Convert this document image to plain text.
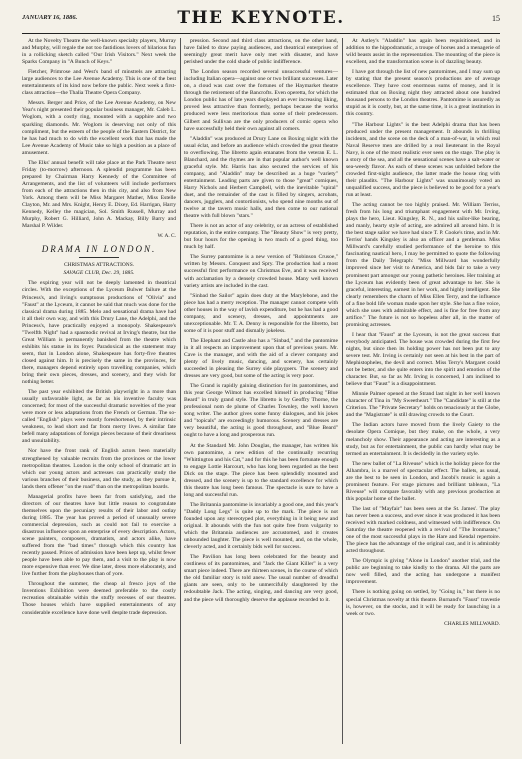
JANUARY 16, 1886.	THE KEYNOTE.	15

At the Novelty Theatre the well-known specialty players, Murray and Murphy, will regale the not too fastidious lovers of hilarious fun in a rollicking sketch called "Our Irish Visitors." Next week the Sparks Company in "A Bunch of Keys."

Fletcher, Primrose and West's band of minstrels are attracting large audiences to the Lee Avenue Academy. This is one of the best entertainments of its kind now before the public. Next week a first-class attraction—the Thalia Theatre Opera Company.

Messrs. Berger and Price, of the Lee Avenue Academy, on New Year's night presented their popular business manager, Mr. Caleb L. Woglom, with a costly ring, mounted with a sapphire and two sparkling diamonds. Mr. Woglom is deserving not only of this compliment, but the esteem of the people of the Eastern District, for he has had much to do with the excellent work that has made the Lee Avenue Academy of Music take so high a position as a place of amusement.

The Elks' annual benefit will take place at the Park Theatre next Friday (to-morrow) afternoon. A splendid programme has been prepared by Chairman Harry Kennedy of the Committee of Arrangements, and the list of volunteers will include performers from each of the attractions then in this city, and also from New York. Among them will be Miss Margaret Mather, Miss Estelle Clayton, Mr. and Mrs. Knight, Henry E. Dixey, Ed. Harrigan, Harry Kennedy, Kelley the magician, Sol. Smith Russell, Murray and Murphy, Robert G. Hilliard, John A. Mackay, Billy Barry and Marshal P. Wilder.

W. A. C.
DRAMA IN LONDON.
CHRISTMAS ATTRACTIONS.
SAVAGE CLUB, Dec. 29, 1885.

The expiring year will not be deeply lamented in theatrical circles. With the exceptions of the Lyceum Bulwer failure at the Princess's, and living's sumptuous productions of "Olivia" and "Faust" at the Lyceum, it cannot be said that much was done for the classical drama during 1885. Melo and sensational drama have had it all their own way, and with this Drury Lane, the Adelphi, and the Princess's, have practically enjoyed a monopoly. Shakespeare's "Twelfth Night" had a spasmodic revival at Irving's theatre, but the Great William is permanently banished from the theatre which exhibits his statue in its foyer. Paradoxical as the statement may seem, that in London alone, Shakespeare has forty-five theatres closed against him. It is precisely the same in the provinces, for there, managers depend entirely upon travelling companies, which bring their own pieces, dresses, and scenery, and they wish for nothing better.

The past year exhibited the British playwright in a more than usually unfavorable light, as far as his inventive faculty was concerned; for most of the successful dramatic novelties of the year were more or less adaptations from the French or German. The so-called "English" plays were mostly foreshortened, by their intrinsic weakness, to lead short and far from merry lives. A similar fate befell many adaptations of foreign pieces because of their dreariness and unsuitability.

Nor have the front rank of English actors been materially strengthened by valuable recruits from the provinces or the lower metropolitan theatres. London is the only school of dramatic art in which our young actors and actresses can practically study the various branches of their business, and the study, as they pursue it, lands them offener "on the road" than on the metropolitan boards.

Managerial profits have been far from satisfying, and the directors of our theatres have but little reason to congratulate themselves upon the pecuniary results of their labor and outlay during 1885. The year has proved a period of unusually severe commercial depression, such as could not fail to exercise a disastrous influence upon an enterprise of every description. Actors, scene painters, composers, dramatists, and actors alike, have suffered from the "bad times" through which this country has recently passed. Prices of admission have been kept up, whilst fewer people have been able to pay them, and a visit to the play is now more expensive than ever. We dine later, dress more elaborately, and live further from the playhouses than of yore.

Throughout the summer, the cheap al fresco joys of the Inventions Exhibition were deemed preferable to the costly recreation obtainable within the stuffy recesses of our theatres. Those houses which have supplied entertainments of any considerable excellence have done well despite trade depression.

pression. Second and third class attractions, on the other hand, have failed to draw paying audiences, and theatrical enterprises of seemingly great merit have only met with disaster, and have perished under the cold shade of public indifference.

The London season recorded several unsuccessful ventures—including Italian opera—against one or two brilliant successes. Later on, a cloud was cast over the fortunes of the Haymarket theatre through the retirement of the Bancrofts. Even operetta, for which the London public has of late years displayed an ever increasing liking, proved less attractive than formerly, perhaps because the works produced were less meritorious than some of their predecessors. Gilbert and Sullivan are the only producers of comic opera who have successfully held their own against all comers.

"Aladdin" was produced at Drury Lane on Boxing night with the usual éclat, and before an audience which crowded the great theatre to overflowing. The libretto again emanates from the veteran E. L. Blanchard, and the rhymes are in that popular author's well known graceful style. Mr. Harris has also secured the services of his company, and "Aladdin" may be described as a huge "variety" entertainment. Leading parts are given to those "great" comiques, Harry Nichols and Herbert Campbell, with the inevitable "spiral" duet, and the remainder of the cast is filled by singers, acrobats, dancers, jugglers, and contortionists, who spend nine months out of twelve at the tavern music halls, and then come to our national theatre with full blown "stars."

There is not an actor of any celebrity, or an actress of established reputation, in the entire company. The "Beauty Show" is very pretty, but four hours for the opening is two much of a good thing, too much by half.

The Surrey pantomime is a new version of "Robinson Crusoe," written by Messrs. Conquest and Spry. The production had a most successful first performance on Christmas Eve, and it was received with acclamation by a densely crowded house. Many well known variety artists are included in the cast.

"Sinbad the Sailor" again does duty at the Marylebone, and the piece has had a merry reception. The manager cannot compete with other houses in the way of lavish expenditure, but he has had a good company, and scenery, dresses, and appointments are unexceptionable. Mr. T. A. Denny is responsible for the libretto, but some of it is poor stuff and dismally jokeless.

The Elephant and Castle also has a "Sinbad," and the pantomime in it all respects an improvement upon that of previous years. Mr. Cave is the manager, and with the aid of a clever company and plenty of lively music, dancing, and scenery, has certainly succeeded in pleasing the Surrey side playgoers. The scenery and dresses are very good, but some of the acting is very poor.

The Grand is rapidly gaining distinction for its pantomimes, and this year George Wilmot has excelled himself in producing "Blue Beard" in truly grand style. The libretto is by Geoffry Thorne, the professional nom de plume of Charles Townley, the well known song writer. The author gives some funny dialogues, and his jokes and "topicals" are exceedingly humorous. Scenery and dresses are very beautiful, the acting is good throughout, and "Blue Beard" ought to have a long and prosperous run.

At the Standard Mr. John Douglas, the manager, has written his own pantomime, a new edition of the continually recurring "Whittington and his Cat," and for this he has been fortunate enough to engage Lottie Harcourt, who has long been regarded as the best Dick on the stage. The piece has been splendidly mounted and dressed, and the scenery is up to the standard excellence for which this theatre has long been famous. The spectacle is sure to have a long and successful run.

The Britannia pantomime is invariably a good one, and this year's "Daddy Long Legs" is quite up to the mark. The piece is not founded upon any stereotyped plot, everything in it being new and original. It abounds with the fun not quite free from vulgarity to which the Britannia audiences are accustomed, and it creates unbounded laughter. The piece is well mounted, and, on the whole, cleverly acted, and it certainly bids well for success.

The Pavilion has long been celebrated for the beauty and costliness of its pantomimes, and "Jack the Giant Killer" is a very smart piece indeed. There are thirteen scenes, in the course of which the old familiar story is told anew. The usual number of dreadful giants are seen, only to be unmercifully slaughtered by the redoubtable Jack. The acting, singing, and dancing are very good, and the piece will thoroughly deserve the applause recorded to it.

At Astley's "Aladdin" has again been requisitioned, and in addition to the hippodramatic, a troupe of horses and a menagerie of wild beasts assist in the representation. The mounting of the piece is excellent, and the transformation scene is of dazzling beauty.

I have got through the list of new pantomimes, and I may sum up by stating that the present season's productions are of average excellence. They have cost enormous sums of money, and it is estimated that on Boxing night they attracted about one hundred thousand persons to the London theatres. Pantomime is assuredly as stupid as it is costly, but, at the same time, it is a great institution in this country.

"The Harbour Lights" is the best Adelphi drama that has been produced under the present management. It abounds in thrilling incidents, and the scene on the deck of a man-of-war, in which real Naval Reserve men are drilled by a real lieutenant in the Royal Navy, is one of the most realistic ever seen on the stage. The play is a story of the sea, and all the sensational scenes have a salt-water or sea-weedy flavor. As each of these scenes was unfolded before the crowded first-night audience, the latter made the house ring with their plaudits. "The Harbour Lights" was unanimously voted an unqualified success, and the piece is believed to be good for a year's run at least.

The acting cannot be too highly praised. Mr. William Terriss, fresh from his long and triumphant engagement with Mr. Irving, plays the hero, Lieut. Kingsley, R. N., and his sailor-like bearing, and manly, hearty style of acting, are admired all around him. It is the best stage sailor we have had since T. P. Cooke's time, and in Mr. Terriss' hands Kingsley is also an officer and a gentleman. Miss Millward's carefully studied performance of the heroine to this fascinating nautical hero, I may be permitted to quote the following from the Daily Telegraph: "Miss Millward has wonderfully improved since her visit to America, and bids fair to take a very prominent part amongst our young pathetic heroines. Her training at the Lyceum has evidently been of great advantage to her. She is graceful, interesting, earnest in her work, and highly intelligent. She clearly remembers the charm of Miss Ellen Terry, and the influence of a fine bold life woman made upon her style. She has a fine voice, which she uses with admirable effect, and is fine for free from any artifice." The future is not so hopeless after all, in the matter of promising actresses.

I hear that "Faust" at the Lyceum, is not the great success that everybody anticipated. The house was crowded during the first few nights, but since then its holding power has not been put to any severe test. Mr. Irving is certainly not seen at his best in the part of Mephistopheles, the devil and correct. Miss Terry's Margaret could not be better, and she quite enters into the spirit and emotion of the character. But, so far as Mr. Irving is concerned, I am inclined to believe that "Faust" is a disappointment.

Minnie Palmer opened at the Strand last night in her well known character of Tina in "My Sweetheart." The "Candidate" is still at the Criterion. The "Private Secretary" holds on tenaciously at the Globe, and the "Magistrate" is still drawing crowds to the Court.

The Indian actors have moved from the lively Gaiety to the desolate Opera Comique, but they make, on the whole, a very melancholy show. Their appearance and acting are interesting as a study, but as for entertainment, the public can hardly what may be termed an entertainment. It is decidedly in the variety style.

The new ballet of "La Riveuse" which is the holiday piece for the Alhambra, is a marvel of spectacular effect. The ballets, as usual, are the best to be seen in London, and Jacobi's music is again a prominent feature. For stage pictures and brilliant tableaux, "La Riveuse" will compare favorably with any previous production at this popular home of the ballet.

The last of "Mayfair" has been seen at the St. James'. The play has never been a success, and ever since it was produced it has been received with marked coldness, and witnessed with indifference. On Saturday the theatre reopened with a revival of "The Ironmaster," one of the most successful plays in the Hare and Kendal repertoire. The piece has the advantage of the original cast, and it is admirably acted throughout.

The Olympic is giving "Alone in London" another trial, and the public are beginning to take kindly to the drama. All the parts are now well filled, and the acting has undergone a manifest improvement.

There is nothing going on settled, by "Going in," but there is no special Christmas novelty at this theatre. Burnand's "Faust" travestie is, however, on the stocks, and it will be ready for launching in a week or two.

CHARLES MILLWARD.
